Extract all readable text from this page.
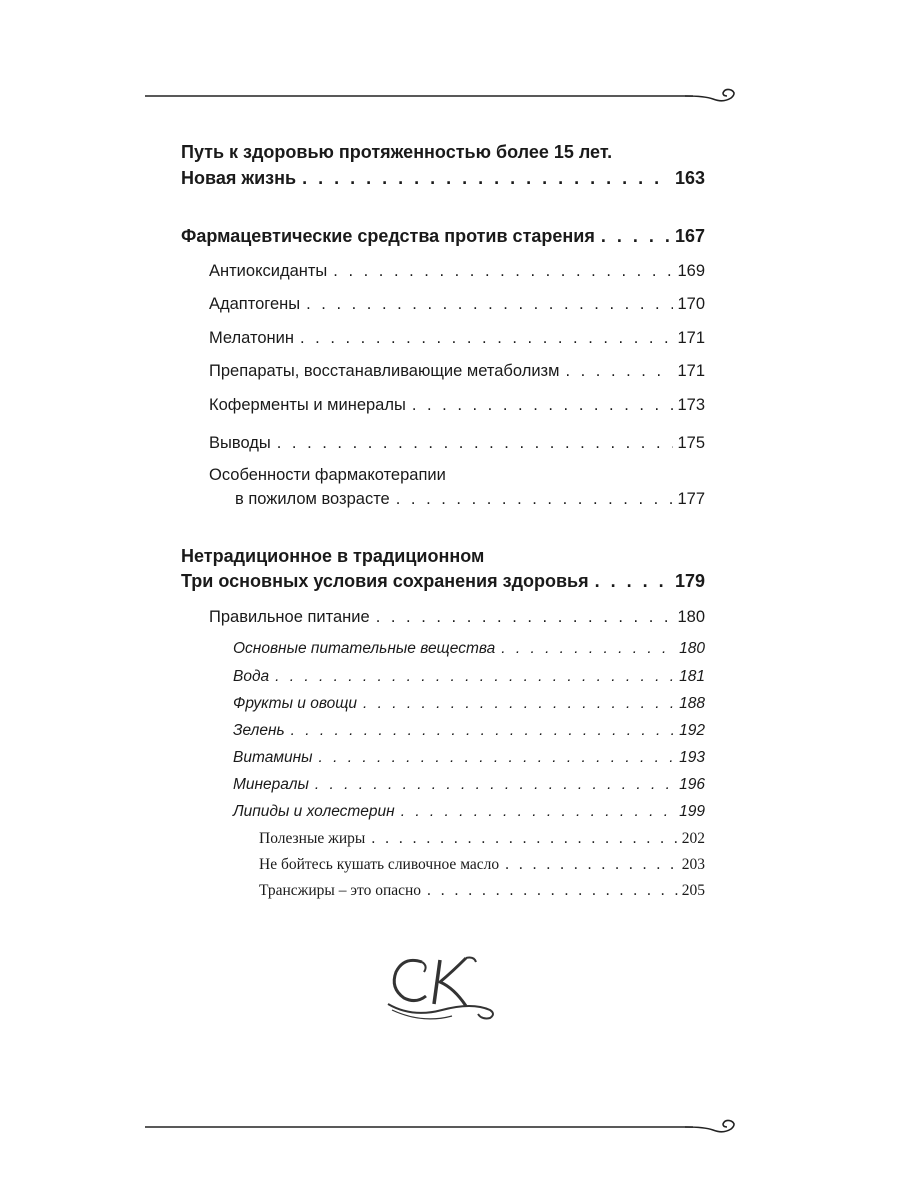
Путь к здоровью протяженностью более 15 лет.
Новая жизнь . . .	163
Фармацевтические средства против старения . . .	167
Антиоксиданты . . .	169
Адаптогены . . .	170
Мелатонин . . .	171
Препараты, восстанавливающие метаболизм . . .	171
Коферменты и минералы . . .	173
Выводы . . .	175
Особенности фармакотерапии
в пожилом возрасте . . .	177
Нетрадиционное в традиционном
Три основных условия сохранения здоровья . . .	179
Правильное питание . . .	180
Основные питательные вещества . . .	180
Вода . . .	181
Фрукты и овощи . . .	188
Зелень . . .	192
Витамины . . .	193
Минералы . . .	196
Липиды и холестерин . . .	199
Полезные жиры . . .	202
Не бойтесь кушать сливочное масло . . .	203
Трансжиры – это опасно . . .	205
